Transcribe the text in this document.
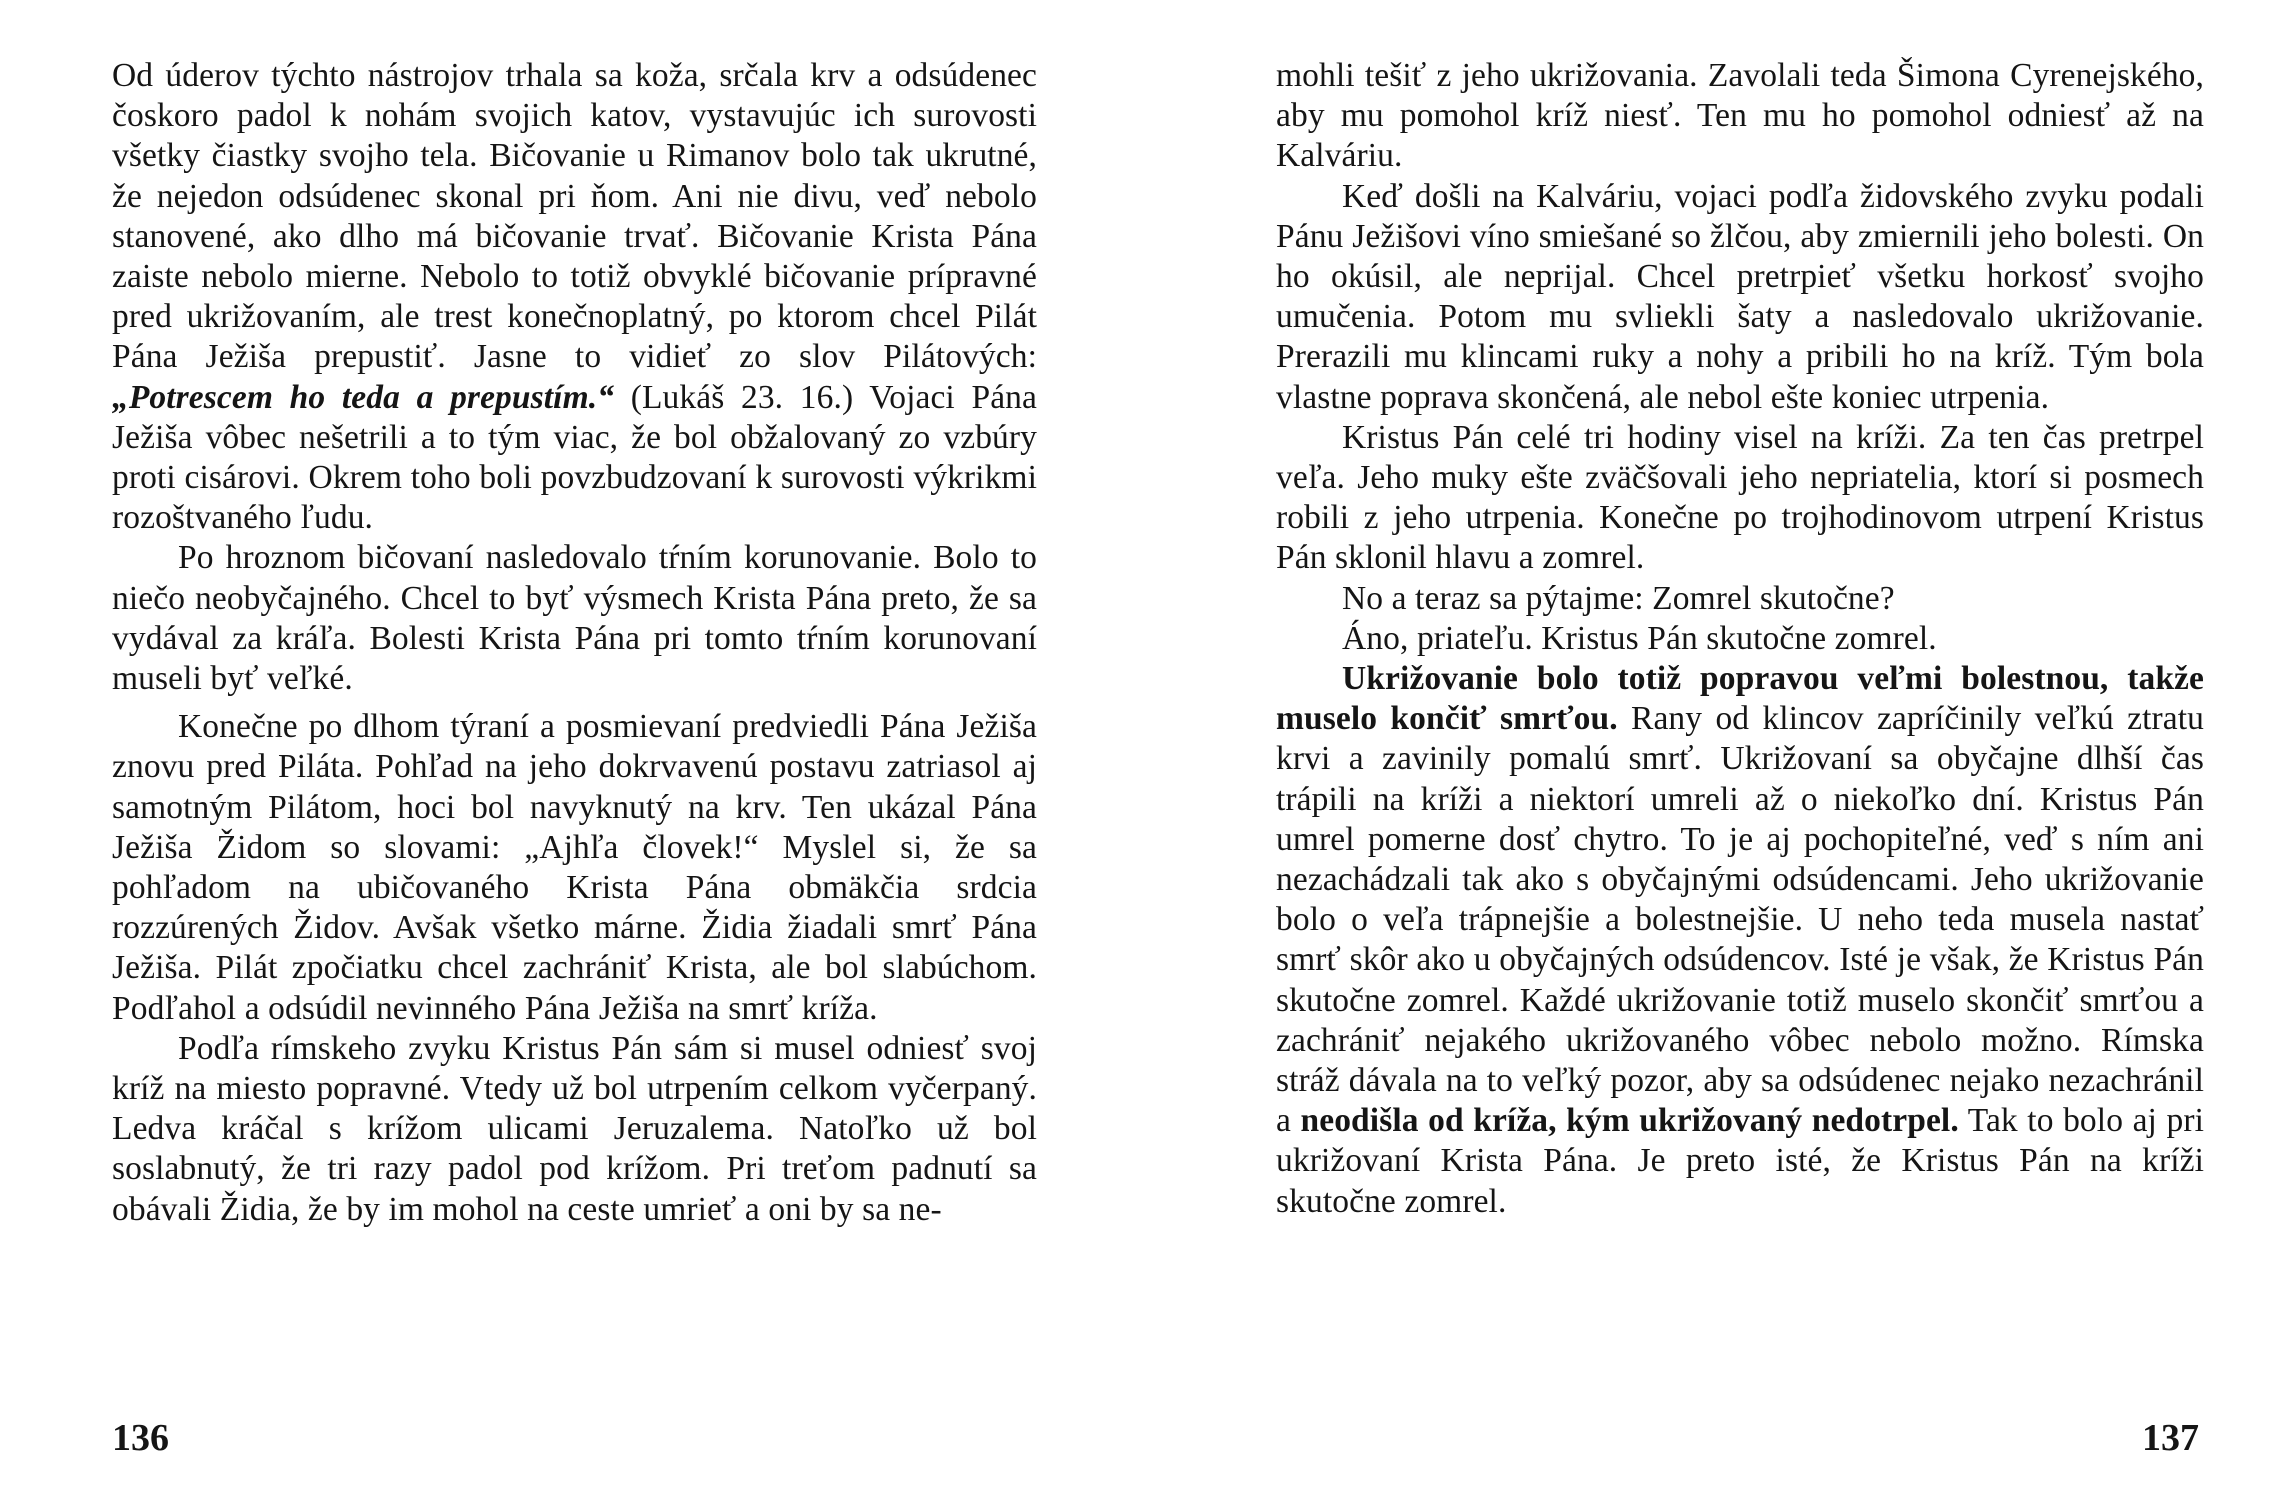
Od úderov týchto nástrojov trhala sa koža, srčala krv a odsúdenec čoskoro padol k nohám svojich katov, vystavujúc ich surovosti všetky čiastky svojho tela. Bičovanie u Rimanov bolo tak ukrutné, že nejedon odsúdenec skonal pri ňom. Ani nie divu, veď nebolo stanovené, ako dlho má bičovanie trvať. Bičovanie Krista Pána zaiste nebolo mierne. Nebolo to totiž obvyklé bičovanie prípravné pred ukrižovaním, ale trest konečnoplatný, po ktorom chcel Pilát Pána Ježiša prepustiť. Jasne to vidieť zo slov Pilátových: „Potrescem ho teda a prepustím.“ (Lukáš 23. 16.) Vojaci Pána Ježiša vôbec nešetrili a to tým viac, že bol obžalovaný zo vzbúry proti cisárovi. Okrem toho boli povzbudzovaní k surovosti výkrikmi rozoštvaného ľudu.

Po hroznom bičovaní nasledovalo tŕním korunovanie. Bolo to niečo neobyčajného. Chcel to byť výsmech Krista Pána preto, že sa vydával za kráľa. Bolesti Krista Pána pri tomto tŕním korunovaní museli byť veľké.

Konečne po dlhom týraní a posmievaní predviedli Pána Ježiša znovu pred Piláta. Pohľad na jeho dokrvavenú postavu zatriasol aj samotným Pilátom, hoci bol navyknutý na krv. Ten ukázal Pána Ježiša Židom so slovami: „Ajhľa človek!“ Myslel si, že sa pohľadom na ubičovaného Krista Pána obmäkčia srdcia rozzúrených Židov. Avšak všetko márne. Židia žiadali smrť Pána Ježiša. Pilát zpočiatku chcel zachrániť Krista, ale bol slabúchom. Podľahol a odsúdil nevinného Pána Ježiša na smrť kríža.

Podľa rímskeho zvyku Kristus Pán sám si musel odniesť svoj kríž na miesto popravné. Vtedy už bol utrpením celkom vyčerpaný. Ledva kráčal s krížom ulicami Jeruzalema. Natoľko už bol soslabnutý, že tri razy padol pod krížom. Pri treťom padnutí sa obávali Židia, že by im mohol na ceste umrieť a oni by sa ne-

136

mohli tešiť z jeho ukrižovania. Zavolali teda Šimona Cyrenejského, aby mu pomohol kríž niesť. Ten mu ho pomohol odniesť až na Kalváriu.

Keď došli na Kalváriu, vojaci podľa židovského zvyku podali Pánu Ježišovi víno smiešané so žlčou, aby zmiernili jeho bolesti. On ho okúsil, ale neprijal. Chcel pretrpieť všetku horkosť svojho umučenia. Potom mu svliekli šaty a nasledovalo ukrižovanie. Prerazili mu klincami ruky a nohy a pribili ho na kríž. Tým bola vlastne poprava skončená, ale nebol ešte koniec utrpenia.

Kristus Pán celé tri hodiny visel na kríži. Za ten čas pretrpel veľa. Jeho muky ešte zväčšovali jeho nepriatelia, ktorí si posmech robili z jeho utrpenia. Konečne po trojhodinovom utrpení Kristus Pán sklonil hlavu a zomrel.

No a teraz sa pýtajme: Zomrel skutočne?

Áno, priateľu. Kristus Pán skutočne zomrel.

Ukrižovanie bolo totiž popravou veľmi bolestnou, takže muselo končiť smrťou. Rany od klincov zapríčinily veľkú ztratu krvi a zavinily pomalú smrť. Ukrižovaní sa obyčajne dlhší čas trápili na kríži a niektorí umreli až o niekoľko dní. Kristus Pán umrel pomerne dosť chytro. To je aj pochopiteľné, veď s ním ani nezachádzali tak ako s obyčajnými odsúdencami. Jeho ukrižovanie bolo o veľa trápnejšie a bolestnejšie. U neho teda musela nastať smrť skôr ako u obyčajných odsúdencov. Isté je však, že Kristus Pán skutočne zomrel. Každé ukrižovanie totiž muselo skončiť smrťou a zachrániť nejakého ukrižovaného vôbec nebolo možno. Rímska stráž dávala na to veľký pozor, aby sa odsúdenec nejako nezachránil a neodišla od kríža, kým ukrižovaný nedotrpel. Tak to bolo aj pri ukrižovaní Krista Pána. Je preto isté, že Kristus Pán na kríži skutočne zomrel.

137
